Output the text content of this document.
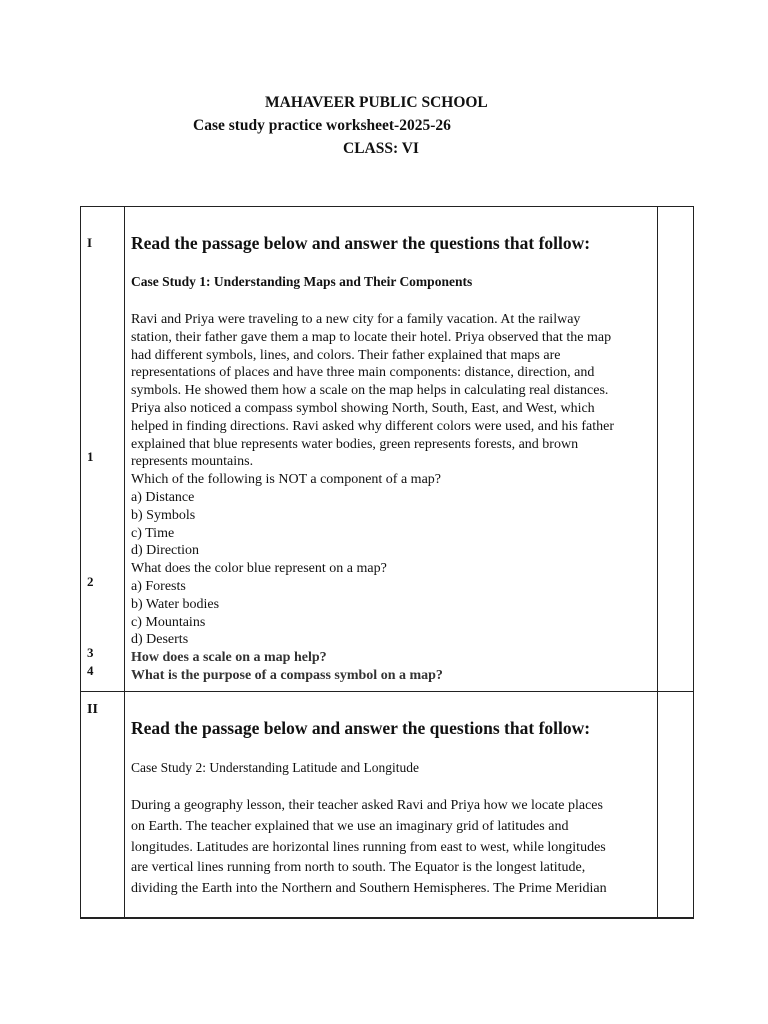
MAHAVEER PUBLIC SCHOOL
Case study practice worksheet-2025-26
CLASS: VI
I Read the passage below and answer the questions that follow:
Case Study 1: Understanding Maps and Their Components
Ravi and Priya were traveling to a new city for a family vacation. At the railway
station, their father gave them a map to locate their hotel. Priya observed that the map
had different symbols, lines, and colors. Their father explained that maps are
representations of places and have three main components: distance, direction, and
symbols. He showed them how a scale on the map helps in calculating real distances.
Priya also noticed a compass symbol showing North, South, East, and West, which
helped in finding directions. Ravi asked why different colors were used, and his father
explained that blue represents water bodies, green represents forests, and brown
represents mountains.
Which of the following is NOT a component of a map?
a) Distance
b) Symbols
c) Time
d) Direction
What does the color blue represent on a map?
a) Forests
b) Water bodies
c) Mountains
d) Deserts
How does a scale on a map help?
What is the purpose of a compass symbol on a map?
1
2
3
4
II
Read the passage below and answer the questions that follow:
Case Study 2: Understanding Latitude and Longitude
During a geography lesson, their teacher asked Ravi and Priya how we locate places
on Earth. The teacher explained that we use an imaginary grid of latitudes and
longitudes. Latitudes are horizontal lines running from east to west, while longitudes
are vertical lines running from north to south. The Equator is the longest latitude,
dividing the Earth into the Northern and Southern Hemispheres. The Prime Meridian
